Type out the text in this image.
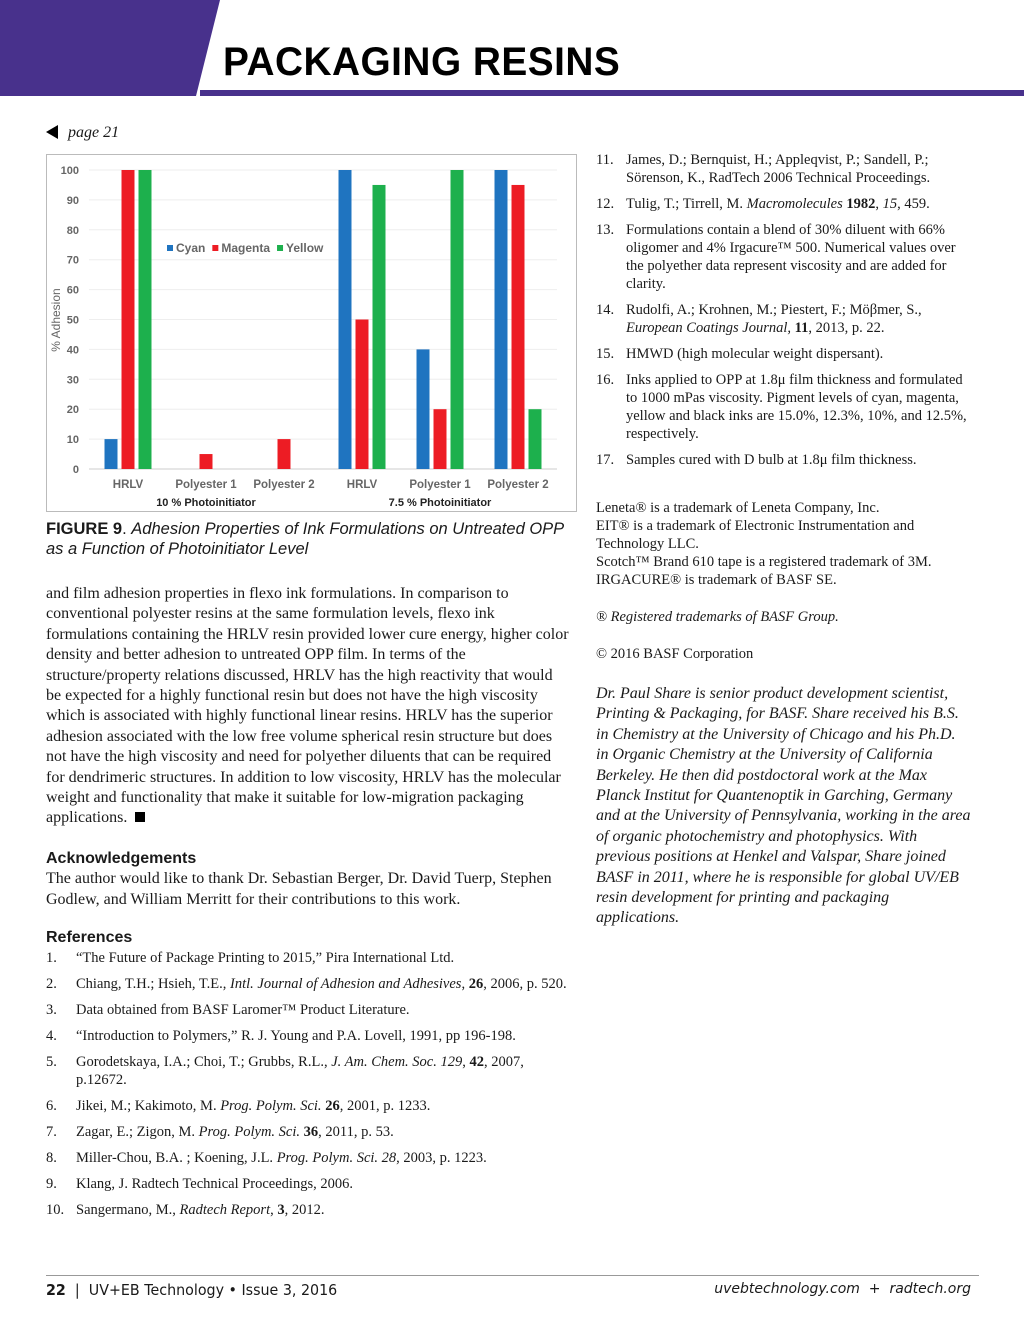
PACKAGING RESINS
page 21
0
10
20
30
40
50
60
70
80
90
100
% Adhesion
HRLV	Polyester 1 Polyester 2	HRLV	Polyester 1 Polyester 2
10 % Photoinitiator	7.5 % Photoinitiator
Cyan Magenta Yellow
FIGURE 9. Adhesion Properties of Ink Formulations on Untreated OPP as a Function of Photoinitiator Level
and film adhesion properties in flexo ink formulations. In comparison to conventional polyester resins at the same formulation levels, flexo ink formulations containing the HRLV resin provided lower cure energy, higher color density and better adhesion to untreated OPP film. In terms of the structure/property relations discussed, HRLV has the high reactivity that would be expected for a highly functional resin but does not have the high viscosity which is associated with highly functional linear resins. HRLV has the superior adhesion associated with the low free volume spherical resin structure but does not have the high viscosity and need for polyether diluents that can be required for dendrimeric structures. In addition to low viscosity, HRLV has the molecular weight and functionality that make it suitable for low-migration packaging applications.
Acknowledgements

The author would like to thank Dr. Sebastian Berger, Dr. David Tuerp, Stephen Godlew, and William Merritt for their contributions to this work.

References
1.	“The Future of Package Printing to 2015,” Pira International Ltd.
2.	Chiang, T.H.; Hsieh, T.E., Intl. Journal of Adhesion and Adhesives, 26, 2006, p. 520.
3.	Data obtained from BASF Laromer™ Product Literature.
4.	“Introduction to Polymers,” R. J. Young and P.A. Lovell, 1991, pp 196-198.
5.	Gorodetskaya, I.A.; Choi, T.; Grubbs, R.L., J. Am. Chem. Soc. 129, 42, 2007, p.12672.
6.	Jikei, M.; Kakimoto, M. Prog. Polym. Sci. 26, 2001, p. 1233.
7.	Zagar, E.; Zigon, M. Prog. Polym. Sci. 36, 2011, p. 53.
8.	Miller-Chou, B.A. ; Koening, J.L. Prog. Polym. Sci. 28, 2003, p. 1223.
9.	Klang, J. Radtech Technical Proceedings, 2006.
10. Sangermano, M., Radtech Report, 3, 2012.
11. James, D.; Bernquist, H.; Appleqvist, P.; Sandell, P.; Sörenson, K., RadTech 2006 Technical Proceedings.
12. Tulig, T.; Tirrell, M. Macromolecules 1982, 15, 459.
13. Formulations contain a blend of 30% diluent with 66% oligomer and 4% Irgacure™ 500. Numerical values over the polyether data represent viscosity and are added for clarity.
14. Rudolfi, A.; Krohnen, M.; Piestert, F.; Möβmer, S., European Coatings Journal, 11, 2013, p. 22.
15. HMWD (high molecular weight dispersant).
16. Inks applied to OPP at 1.8μ film thickness and formulated to 1000 mPas viscosity. Pigment levels of cyan, magenta, yellow and black inks are 15.0%, 12.3%, 10%, and 12.5%, respectively.
17. Samples cured with D bulb at 1.8μ film thickness.

Leneta® is a trademark of Leneta Company, Inc.

EIT® is a trademark of Electronic Instrumentation and Technology LLC.

Scotch™ Brand 610 tape is a registered trademark of 3M.

IRGACURE® is trademark of BASF SE.

® Registered trademarks of BASF Group.

© 2016 BASF Corporation

Dr. Paul Share is senior product development scientist, Printing & Packaging, for BASF. Share received his B.S. in Chemistry at the University of Chicago and his Ph.D. in Organic Chemistry at the University of California Berkeley. He then did postdoctoral work at the Max Planck Institut for Quantenoptik in Garching, Germany and at the University of Pennsylvania, working in the area of organic photochemistry and photophysics. With previous positions at Henkel and Valspar, Share joined BASF in 2011, where he is responsible for global UV/EB resin development for printing and packaging applications.
22  |  UV+EB Technology • Issue 3, 2016	uvebtechnology.com  +  radtech.org
